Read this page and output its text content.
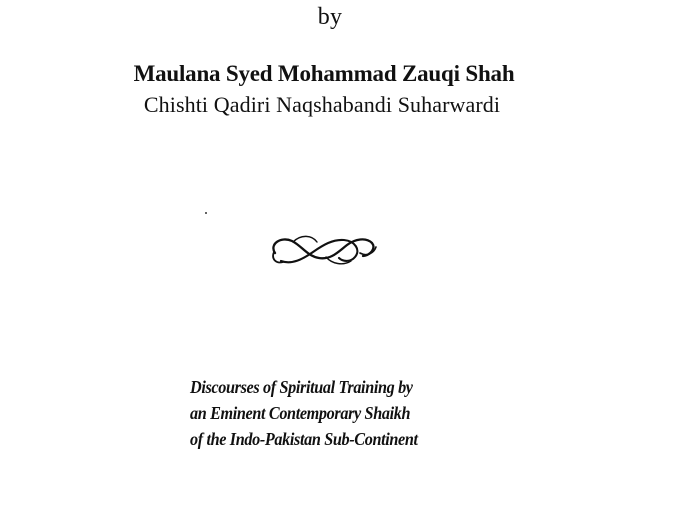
by
Maulana Syed Mohammad Zauqi Shah
Chishti Qadiri Naqshabandi Suharwardi
Discourses of Spiritual Training by
an Eminent Contemporary Shaikh
of the Indo-Pakistan Sub-Continent
